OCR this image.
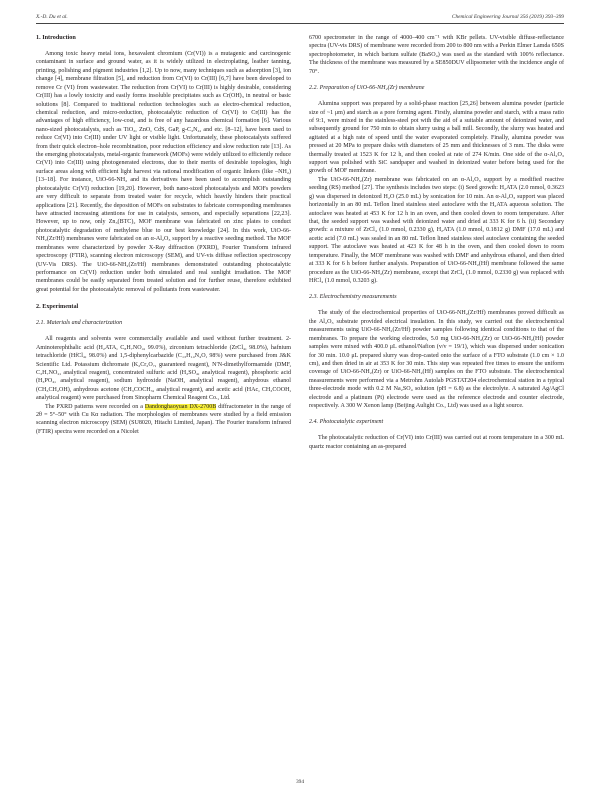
X.-D. Du et al.	Chemical Engineering Journal 356 (2019) 393–399
1. Introduction

Among toxic heavy metal ions, hexavalent chromium (Cr(VI)) is a mutagenic and carcinogenic contaminant in surface and ground water, as it is widely utilized in electroplating, leather tanning, printing, polishing and pigment industries [1,2]. Up to now, many techniques such as adsorption [3], ion change [4], membrane filtration [5], and reduction from Cr(VI) to Cr(III) [6,7] have been developed to remove Cr (VI) from wastewater. The reduction from Cr(VI) to Cr(III) is highly desirable, considering Cr(III) has a lowly toxicity and easily forms insoluble precipitates such as Cr(OH)₃ in neutral or basic solutions [8]. Compared to traditional reduction technologies such as electro-chemical reduction, chemical reduction, and micro-reduction, photocatalytic reduction of Cr(VI) to Cr(III) has the advantages of high efficiency, low-cost, and is free of any hazardous chemical formation [6]. Various nano-sized photocatalysts, such as TiO₂, ZnO, CdS, GaP, g-C₃N₄, and etc. [8–12], have been used to reduce Cr(VI) into Cr(III) under UV light or visible light. Unfortunately, these photocatalysts suffered from their quick electron–hole recombination, poor reduction efficiency and slow reduction rate [13]. As the emerging photocatalysts, metal-organic framework (MOFs) were widely utilized to efficiently reduce Cr(VI) into Cr(III) using photogenerated electrons, due to their merits of desirable topologies, high surface areas along with efficient light harvest via rational modification of organic linkers (like –NH₂) [13–18]. For instance, UiO-66-NH₂ and its derivatives have been used to accomplish outstanding photocatalytic Cr(VI) reduction [19,20]. However, both nano-sized photocatalysts and MOFs powders are very difficult to separate from treated water for recycle, which heavily hinders their practical applications [21]. Recently, the deposition of MOFs on substrates to fabricate corresponding membranes have attracted increasing attentions for use in catalysis, sensors, and especially separations [22,23]. However, up to now, only Zn₃(BTC)₂ MOF membrane was fabricated on zinc plates to conduct photocatalytic degradation of methylene blue to our best knowledge [24]. In this work, UiO-66-NH₂(Zr/Hf) membranes were fabricated on an α-Al₂O₃ support by a reactive seeding method. The MOF membranes were characterized by powder X-Ray diffraction (PXRD), Fourier Transform infrared spectroscopy (FTIR), scanning electron microscopy (SEM), and UV-vis diffuse reflection spectroscopy (UV-Vis DRS). The UiO-66-NH₂(Zr/Hf) membranes demonstrated outstanding photocatalytic performance on Cr(VI) reduction under both simulated and real sunlight irradiation. The MOF membranes could be easily separated from treated solution and for further reuse, therefore exhibited great potential for the photocatalytic removal of pollutants from wastewater.

2. Experimental
2.1. Materials and characterization

All reagents and solvents were commercially available and used without further treatment. 2-Aminoterephthalic acid (H₂ATA, C₈H₇NO₄, 99.0%), zirconium tetrachloride (ZrCl₄, 98.0%), hafnium tetrachloride (HfCl₄, 98.0%) and 1,5-diphenylcarbazide (C₁₃H₁₄N₄O, 98%) were purchased from J&K Scientific Ltd. Potassium dichromate (K₂Cr₂O₇, guaranteed reagent), N′N-dimethylformamide (DMF, C₃H₇NO₂, analytical reagent), concentrated sulfuric acid (H₂SO₄, analytical reagent), phosphoric acid (H₃PO₄, analytical reagent), sodium hydroxide (NaOH, analytical reagent), anhydrous ethanol (CH₃CH₂OH), anhydrous acetone (CH₃COCH₃, analytical reagent), and acetic acid (HAc, CH₃COOH, analytical reagent) were purchased from Sinopharm Chemical Reagent Co., Ltd.

The PXRD patterns were recorded on a Dandonghaoyuan DX-2700B diffractometer in the range of 2θ = 5°–50° with Cu Kα radiation. The morphologies of membranes were studied by a field emission scanning electron microscopy (SEM) (SU8020, Hitachi Limited, Japan). The Fourier transform infrared (FTIR) spectra were recorded on a Nicolet

6700 spectrometer in the range of 4000–400 cm⁻¹ with KBr pellets. UV-visible diffuse-reflectance spectra (UV-vis DRS) of membrane were recorded from 200 to 800 nm with a Perkin Elmer Lamda 650S spectrophotometer, in which barium sulfate (BaSO₄) was used as the standard with 100% reflectance. The thickness of the membrane was measured by a SE850DUV ellipsometer with the incidence angle of 70°.

2.2. Preparation of UiO-66-NH₂(Zr) membrane

Alumina support was prepared by a solid-phase reaction [25,26] between alumina powder (particle size of ~1 μm) and starch as a pore forming agent. Firstly, alumina powder and starch, with a mass ratio of 9:1, were mixed in the stainless-steel pot with the aid of a suitable amount of deionized water, and subsequently ground for 750 min to obtain slurry using a ball mill. Secondly, the slurry was heated and agitated at a high rate of speed until the water evaporated completely. Finally, alumina powder was pressed at 20 MPa to prepare disks with diameters of 25 mm and thicknesses of 3 mm. The disks were thermally treated at 1523 K for 12 h, and then cooled at rate of 274 K/min. One side of the α-Al₂O₃ support was polished with SiC sandpaper and washed in deionized water before being used for the growth of MOF membrane.

The UiO-66-NH₂(Zr) membrane was fabricated on an α-Al₂O₃ support by a modified reactive seeding (RS) method [27]. The synthesis includes two steps: (i) Seed growth: H₂ATA (2.0 mmol, 0.3623 g) was dispersed in deionized H₂O (25.0 mL) by sonication for 10 min. An α-Al₂O₃ support was placed horizontally in an 80 mL Teflon lined stainless steel autoclave with the H₂ATA aqueous solution. The autoclave was heated at 453 K for 12 h in an oven, and then cooled down to room temperature. After that, the seeded support was washed with deionized water and dried at 333 K for 6 h. (ii) Secondary growth: a mixture of ZrCl₄ (1.0 mmol, 0.2330 g), H₂ATA (1.0 mmol, 0.1812 g) DMF (17.0 mL) and acetic acid (7.0 mL) was sealed in an 80 mL Teflon lined stainless steel autoclave containing the seeded support. The autoclave was heated at 423 K for 48 h in the oven, and then cooled down to room temperature. Finally, the MOF membrane was washed with DMF and anhydrous ethanol, and then dried at 333 K for 6 h before further analysis. Preparation of UiO-66-NH₂(Hf) membrane followed the same procedure as the UiO-66-NH₂(Zr) membrane, except that ZrCl₄ (1.0 mmol, 0.2330 g) was replaced with HfCl₄ (1.0 mmol, 0.3203 g).

2.3. Electrochemistry measurements

The study of the electrochemical properties of UiO-66-NH₂(Zr/Hf) membranes proved difficult as the Al₂O₃ substrate provided electrical insulation. In this study, we carried out the electrochemical measurements using UiO-66-NH₂(Zr/Hf) powder samples following identical conditions to that of the membranes. To prepare the working electrodes, 5.0 mg UiO-66-NH₂(Zr) or UiO-66-NH₂(Hf) powder samples were mixed with 400.0 μL ethanol/Nafion (v/v = 19/1), which was dispersed under sonication for 30 min. 10.0 μL prepared slurry was drop-casted onto the surface of a FTO substrate (1.0 cm × 1.0 cm), and then dried in air at 353 K for 30 min. This step was repeated five times to ensure the uniform coverage of UiO-66-NH₂(Zr) or UiO-66-NH₂(Hf) samples on the FTO substrate. The electrochemical measurements were performed via a Metrohm Autolab PGSTAT204 electrochemical station in a typical three-electrode mode with 0.2 M Na₂SO₄ solution (pH = 6.8) as the electrolyte. A saturated Ag/AgCl electrode and a platinum (Pt) electrode were used as the reference electrode and counter electrode, respectively. A 300 W Xenon lamp (Beijing Aulight Co., Ltd) was used as a light source.

2.4. Photocatalytic experiment

The photocatalytic reduction of Cr(VI) into Cr(III) was carried out at room temperature in a 300 mL quartz reactor containing an as-prepared

394
